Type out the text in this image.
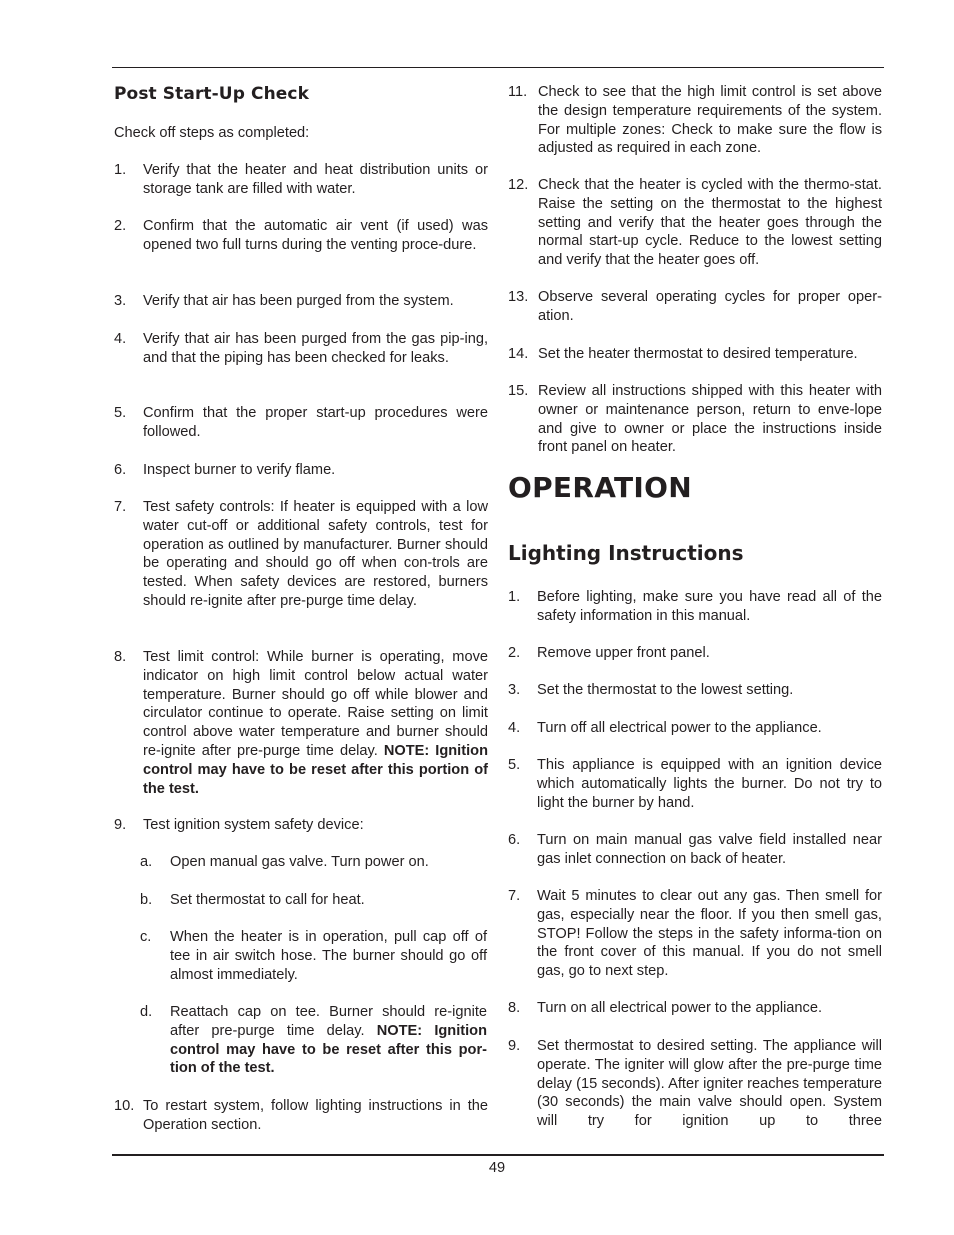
Post Start-Up Check
Check off steps as completed:
1.	Verify that the heater and heat distribution units or storage tank are filled with water.
2.	Confirm that the automatic air vent (if used) was opened two full turns during the venting proce-dure.
3.	Verify that air has been purged from the system.
4.	Verify that air has been purged from the gas pip-ing, and that the piping has been checked for leaks.
5.	Confirm that the proper start-up procedures were followed.
6.	Inspect burner to verify flame.
7.	Test safety controls: If heater is equipped with a low water cut-off or additional safety controls, test for operation as outlined by manufacturer. Burner should be operating and should go off when con-trols are tested. When safety devices are restored, burners should re-ignite after pre-purge time delay.
8.	Test limit control: While burner is operating, move indicator on high limit control below actual water temperature. Burner should go off while blower and circulator continue to operate. Raise setting on limit control above water temperature and burner should re-ignite after pre-purge time delay. NOTE: Ignition control may have to be reset after this portion of the test.
9.	Test ignition system safety device:
a.	Open manual gas valve. Turn power on.
b.	Set thermostat to call for heat.
c.	When the heater is in operation, pull cap off of tee in air switch hose. The burner should go off almost immediately.
d.	Reattach cap on tee. Burner should re-ignite after pre-purge time delay. NOTE: Ignition control may have to be reset after this por-tion of the test.
10. To restart system, follow lighting instructions in the Operation section.
11. Check to see that the high limit control is set above the design temperature requirements of the system. For multiple zones: Check to make sure the flow is adjusted as required in each zone.
12. Check that the heater is cycled with the thermo-stat. Raise the setting on the thermostat to the highest setting and verify that the heater goes through the normal start-up cycle. Reduce to the lowest setting and verify that the heater goes off.
13. Observe several operating cycles for proper oper-ation.
14. Set the heater thermostat to desired temperature.
15. Review all instructions shipped with this heater with owner or maintenance person, return to enve-lope and give to owner or place the instructions inside front panel on heater.
OPERATION
Lighting Instructions
1.	Before lighting, make sure you have read all of the safety information in this manual.
2.	Remove upper front panel.
3.	Set the thermostat to the lowest setting.
4.	Turn off all electrical power to the appliance.
5.	This appliance is equipped with an ignition device which automatically lights the burner. Do not try to light the burner by hand.
6.	Turn on main manual gas valve field installed near gas inlet connection on back of heater.
7.	Wait 5 minutes to clear out any gas. Then smell for gas, especially near the floor. If you then smell gas, STOP! Follow the steps in the safety informa-tion on the front cover of this manual. If you do not smell gas, go to next step.
8.	Turn on all electrical power to the appliance.
9.	Set thermostat to desired setting. The appliance will operate. The igniter will glow after the pre-purge time delay (15 seconds). After igniter reaches temperature (30 seconds) the main valve should open. System will try for ignition up to three
49
